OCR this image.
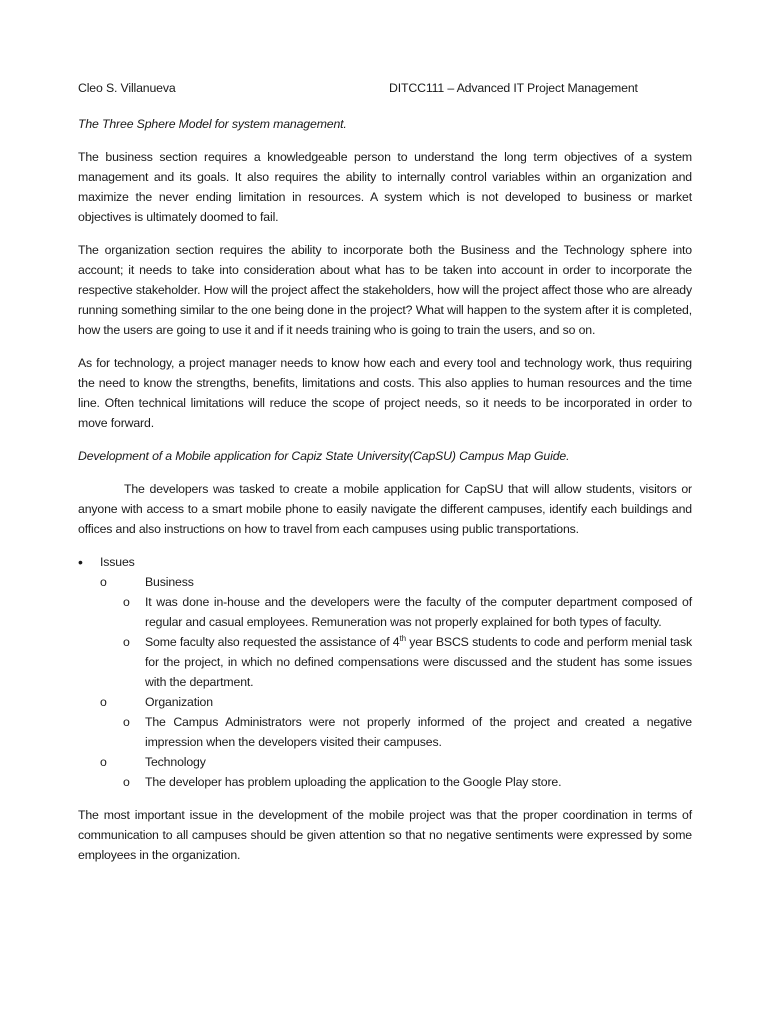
Cleo S. Villanueva	DITCC111 – Advanced IT Project Management

The Three Sphere Model for system management.

The business section requires a knowledgeable person to understand the long term objectives of a system management and its goals. It also requires the ability to internally control variables within an organization and maximize the never ending limitation in resources. A system which is not developed to business or market objectives is ultimately doomed to fail.

The organization section requires the ability to incorporate both the Business and the Technology sphere into account; it needs to take into consideration about what has to be taken into account in order to incorporate the respective stakeholder. How will the project affect the stakeholders, how will the project affect those who are already running something similar to the one being done in the project? What will happen to the system after it is completed, how the users are going to use it and if it needs training who is going to train the users, and so on.

As for technology, a project manager needs to know how each and every tool and technology work, thus requiring the need to know the strengths, benefits, limitations and costs. This also applies to human resources and the time line. Often technical limitations will reduce the scope of project needs, so it needs to be incorporated in order to move forward.

Development of a Mobile application for Capiz State University(CapSU) Campus Map Guide.

The developers was tasked to create a mobile application for CapSU that will allow students, visitors or anyone with access to a smart mobile phone to easily navigate the different campuses, identify each buildings and offices and also instructions on how to travel from each campuses using public transportations.

• Issues
o	Business
o It was done in-house and the developers were the faculty of the computer department composed of regular and casual employees. Remuneration was not properly explained for both types of faculty.
o Some faculty also requested the assistance of 4th year BSCS students to code and perform menial task for the project, in which no defined compensations were discussed and the student has some issues with the department.
o	Organization
o The Campus Administrators were not properly informed of the project and created a negative impression when the developers visited their campuses.
o	Technology
o The developer has problem uploading the application to the Google Play store.

The most important issue in the development of the mobile project was that the proper coordination in terms of communication to all campuses should be given attention so that no negative sentiments were expressed by some employees in the organization.
